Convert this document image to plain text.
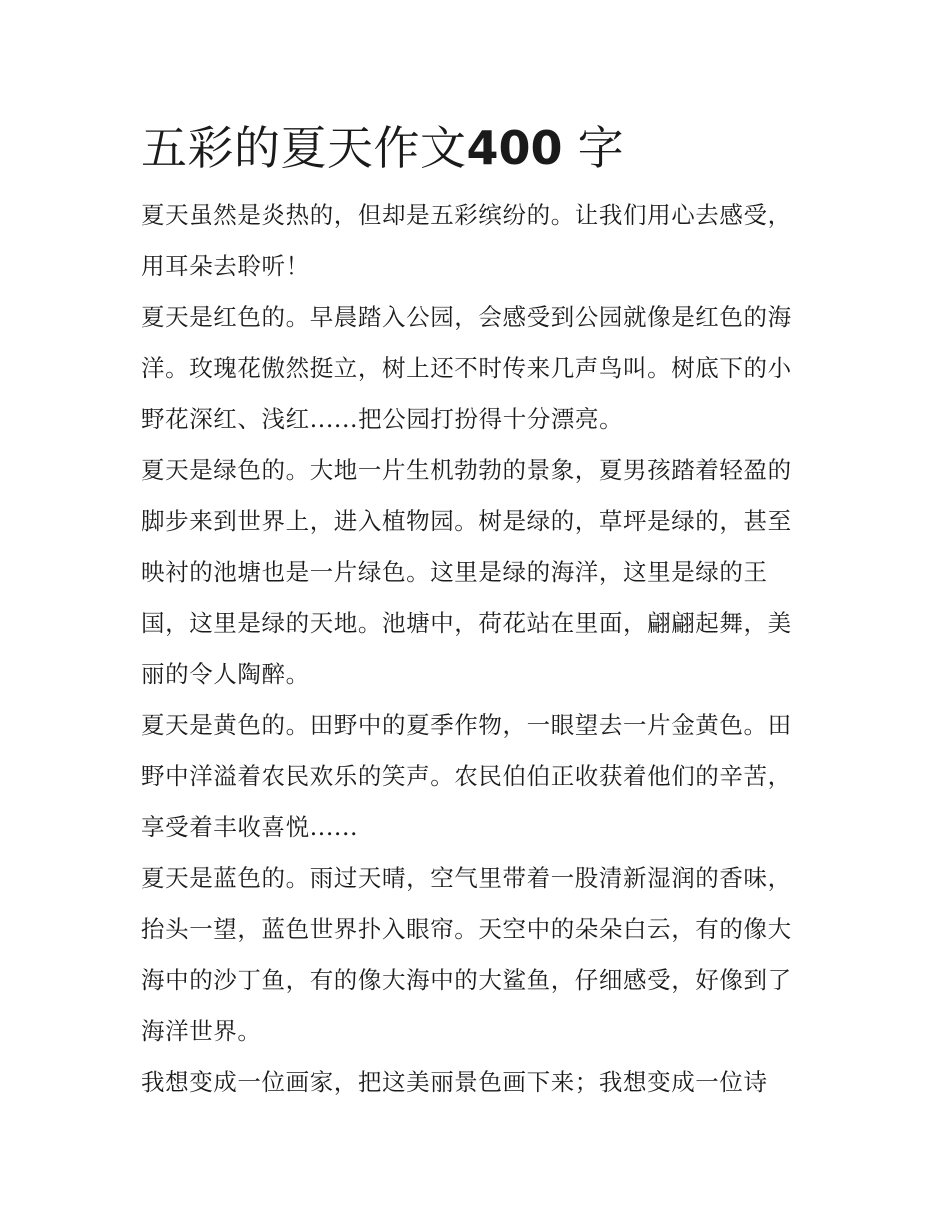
五彩的夏天作文400 字

夏天虽然是炎热的，但却是五彩缤纷的。让我们用心去感受，用耳朵去聆听！

夏天是红色的。早晨踏入公园，会感受到公园就像是红色的海洋。玫瑰花傲然挺立，树上还不时传来几声鸟叫。树底下的小野花深红、浅红......把公园打扮得十分漂亮。

夏天是绿色的。大地一片生机勃勃的景象，夏男孩踏着轻盈的脚步来到世界上，进入植物园。树是绿的，草坪是绿的，甚至映衬的池塘也是一片绿色。这里是绿的海洋，这里是绿的王国，这里是绿的天地。池塘中，荷花站在里面，翩翩起舞，美丽的令人陶醉。

夏天是黄色的。田野中的夏季作物，一眼望去一片金黄色。田野中洋溢着农民欢乐的笑声。农民伯伯正收获着他们的辛苦，享受着丰收喜悦......

夏天是蓝色的。雨过天晴，空气里带着一股清新湿润的香味，抬头一望，蓝色世界扑入眼帘。天空中的朵朵白云，有的像大海中的沙丁鱼，有的像大海中的大鲨鱼，仔细感受，好像到了海洋世界。

我想变成一位画家，把这美丽景色画下来；我想变成一位诗
